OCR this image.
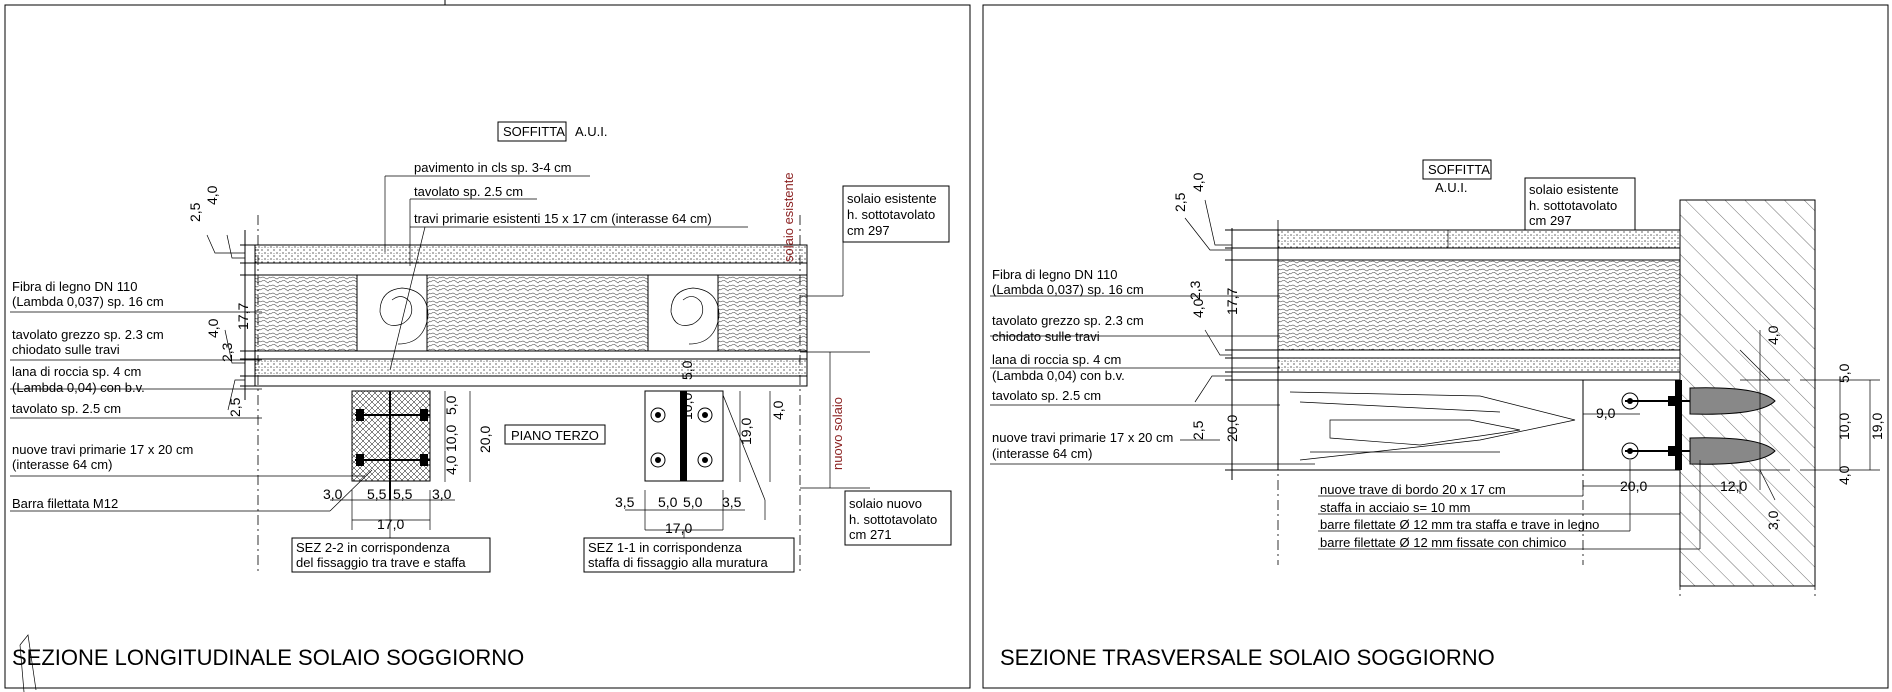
SOFFITTA A.U.I.
2,5
4,0
17,7
2,3
4,0
2,5
Fibra di legno DN 110
(Lambda 0,037) sp. 16 cm
tavolato grezzo sp. 2.3 cm
chiodato sulle travi
lana di roccia sp. 4 cm
(Lambda 0,04) con b.v.
tavolato sp. 2.5 cm
nuove travi primarie 17 x 20 cm
(interasse 64 cm)
Barra filettata M12
pavimento in cls sp. 3-4 cm
tavolato sp. 2.5 cm
travi primarie esistenti 15 x 17 cm (interasse 64 cm)	solaio esistente	solaio esistente
h. sottotavolato
cm 297
nuovo solaio
solaio nuovo
h. sottotavolato
cm 271
PIANO TERZO
3,0 5,5 5,5 3,0
17,0
5,0
10,0
4,0
20,0
3,5 5,0 5,0 3,5
17,0
5,0
10,0
19,0
4,0
SEZ 2-2 in corrispondenza
del fissaggio tra trave e staffa
SEZ 1-1 in corrispondenza
staffa di fissaggio alla muratura
SEZIONE LONGITUDINALE SOLAIO SOGGIORNO
SOFFITTA
A.U.I.	solaio esistente
h. sottotavolato
cm 297
2,5
4,0
17,7
4,0
2,3
2,5 20,0
Fibra di legno DN 110
(Lambda 0,037) sp. 16 cm
tavolato grezzo sp. 2.3 cm
chiodato sulle travi
lana di roccia sp. 4 cm
(Lambda 0,04) con b.v.
tavolato sp. 2.5 cm
nuove travi primarie 17 x 20 cm
(interasse 64 cm)
nuove trave di bordo 20 x 17 cm
staffa in acciaio s= 10 mm
barre filettate Ø 12 mm tra staffa e trave in legno
barre filettate Ø 12 mm fissate con chimico
9,0
20,0	12,0
4,0
3,0
5,0
10,0
4,0
19,0
SEZIONE TRASVERSALE SOLAIO SOGGIORNO
